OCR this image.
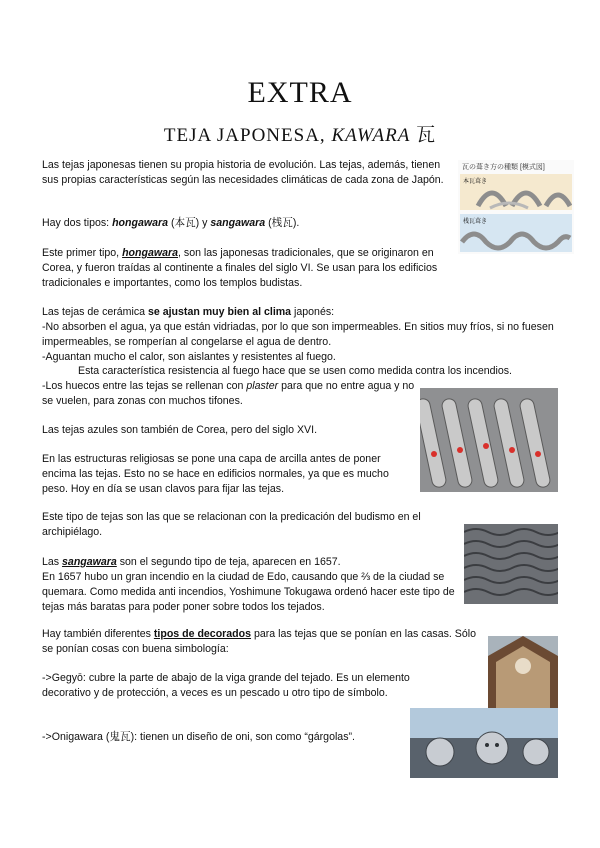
EXTRA
TEJA JAPONESA, KAWARA 瓦

Las tejas japonesas tienen su propia historia de evolución. Las tejas, además, tienen sus propias características según las necesidades climáticas de cada zona de Japón.

Hay dos tipos: hongawara (本瓦) y sangawara (桟瓦).

Este primer tipo, hongawara, son las japonesas tradicionales, que se originaron en Corea, y fueron traídas al continente a finales del siglo VI. Se usan para los edificios tradicionales e importantes, como los templos budistas.

Las tejas de cerámica se ajustan muy bien al clima japonés:

-No absorben el agua, ya que están vidriadas, por lo que son impermeables. En sitios muy fríos, si no fuesen impermeables, se romperían al congelarse el agua de dentro.

-Aguantan mucho el calor, son aislantes y resistentes al fuego.

Esta característica resistencia al fuego hace que se usen como medida contra los incendios.

-Los huecos entre las tejas se rellenan con plaster para que no entre agua y no se vuelen, para zonas con muchos tifones.

Las tejas azules son también de Corea, pero del siglo XVI.

En las estructuras religiosas se pone una capa de arcilla antes de poner encima las tejas. Esto no se hace en edificios normales, ya que es mucho peso. Hoy en día se usan clavos para fijar las tejas.

Este tipo de tejas son las que se relacionan con la predicación del budismo en el archipiélago.

Las sangawara son el segundo tipo de teja, aparecen en 1657.
En 1657 hubo un gran incendio en la ciudad de Edo, causando que ⅔ de la ciudad se quemara. Como medida anti incendios, Yoshimune Tokugawa ordenó hacer este tipo de tejas más baratas para poder poner sobre todos los tejados.

Hay también diferentes tipos de decorados para las tejas que se ponían en las casas. Sólo se ponían cosas con buena simbología:

->Gegyō: cubre la parte de abajo de la viga grande del tejado. Es un elemento decorativo y de protección, a veces es un pescado u otro tipo de símbolo.

->Onigawara (鬼瓦): tienen un diseño de oni, son como “gárgolas”.

瓦の葺き方の種類 [模式図]
本瓦葺き
桟瓦葺き
